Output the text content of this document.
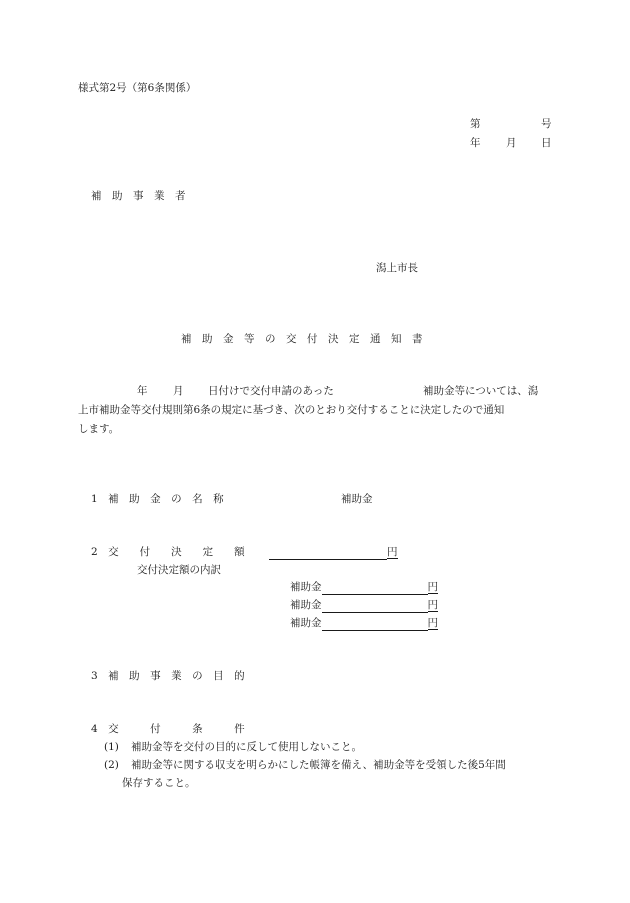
様式第2号（第6条関係）
第	号
年 月 日
補　助　事　業　者
潟上市長
補　助　金　等　の　交　付　決　定　通　知　書
年 月 日付けで交付申請のあった	補助金等については、潟
上市補助金等交付規則第6条の規定に基づき、次のとおり交付することに決定したので通知
します。
1　補　助　金　の　名　称	補助金
2　交　　付　　決　　定　　額	円
交付決定額の内訳
補助金	円
補助金	円
補助金	円
3　補　助　事　業　の　目　的
4　交　　　付　　　条　　　件
(1) 補助金等を交付の目的に反して使用しないこと。
(2) 補助金等に関する収支を明らかにした帳簿を備え、補助金等を受領した後5年間
保存すること。
